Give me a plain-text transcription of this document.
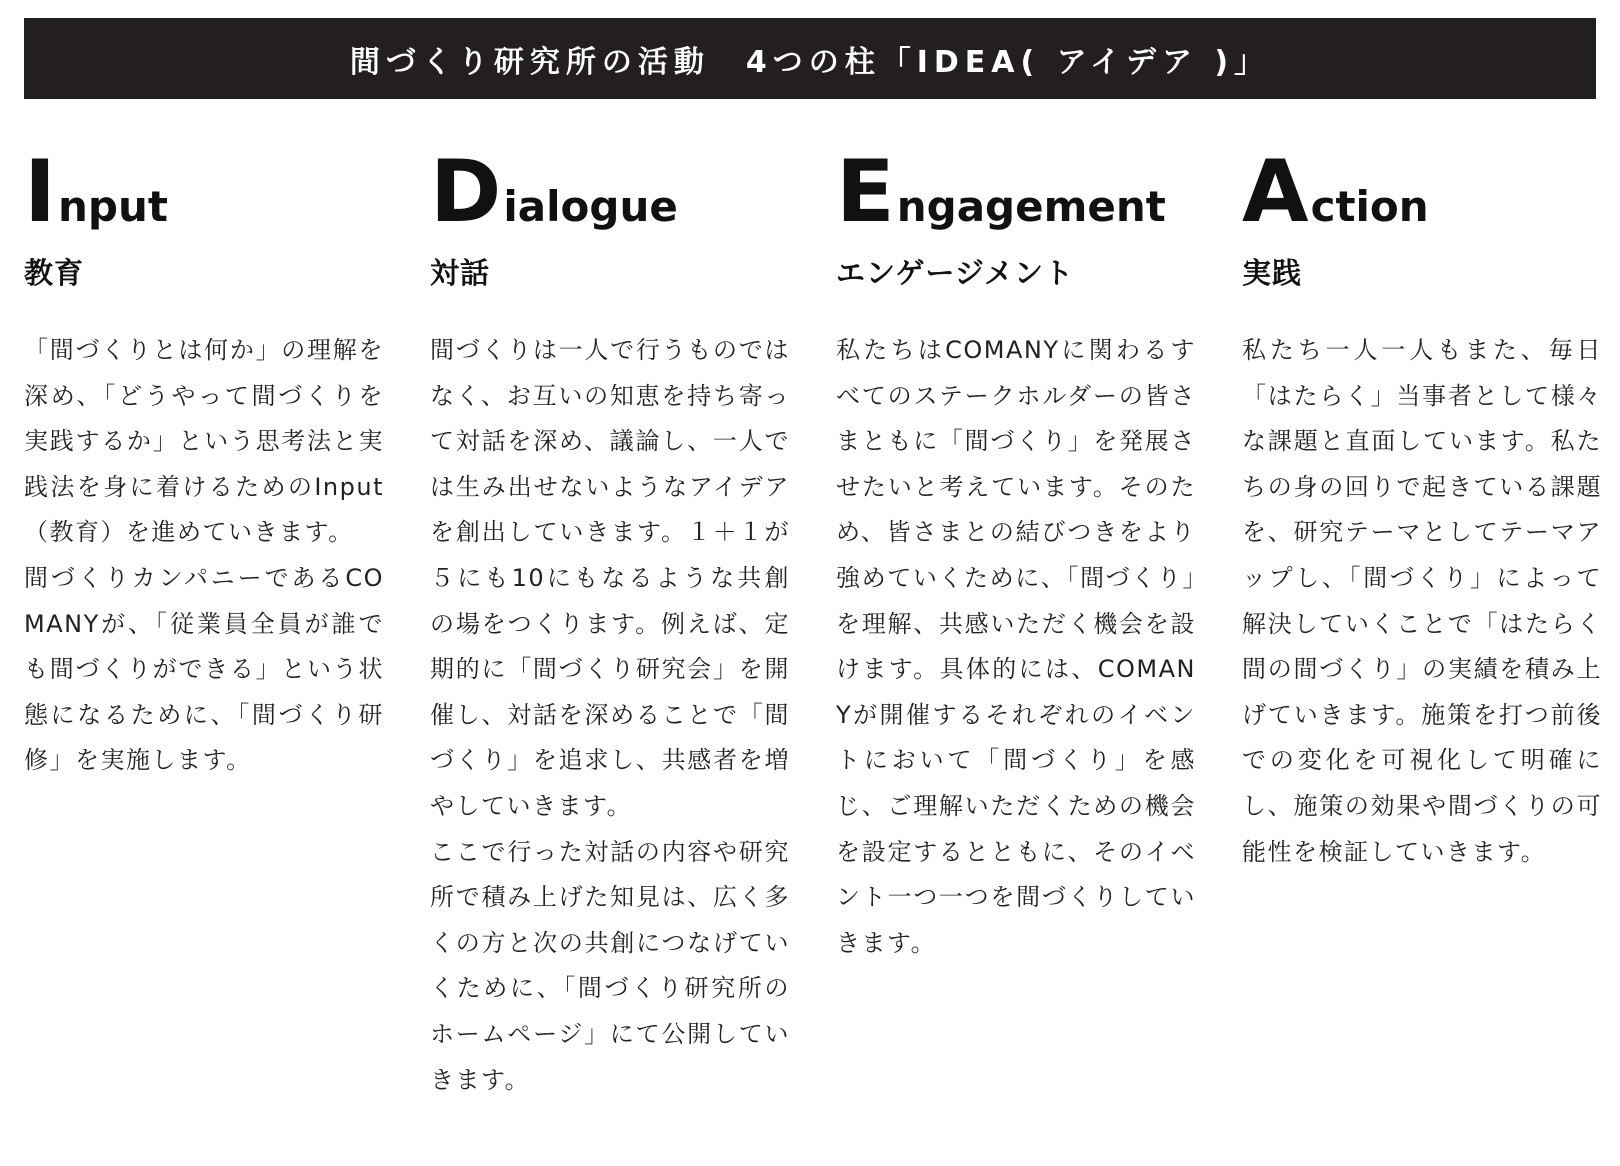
間づくり研究所の活動　4つの柱「IDEA( アイデア )」
I nput
教育

「間づくりとは何か」の理解を深め、「どうやって間づくりを実践するか」という思考法と実践法を身に着けるためのInput（教育）を進めていきます。

間づくりカンパニーであるCOMANYが、「従業員全員が誰でも間づくりができる」という状態になるために、「間づくり研修」を実施します。

D ialogue
対話

間づくりは一人で行うものではなく、お互いの知恵を持ち寄って対話を深め、議論し、一人では生み出せないようなアイデアを創出していきます。１＋１が５にも10にもなるような共創の場をつくります。例えば、定期的に「間づくり研究会」を開催し、対話を深めることで「間づくり」を追求し、共感者を増やしていきます。

ここで行った対話の内容や研究所で積み上げた知見は、広く多くの方と次の共創につなげていくために、「間づくり研究所のホームページ」にて公開していきます。

E ngagement
エンゲージメント

私たちはCOMANYに関わるすべてのステークホルダーの皆さまともに「間づくり」を発展させたいと考えています。そのため、皆さまとの結びつきをより強めていくために、「間づくり」を理解、共感いただく機会を設けます。具体的には、COMANYが開催するそれぞれのイベントにおいて「間づくり」を感じ、ご理解いただくための機会を設定するとともに、そのイベント一つ一つを間づくりしていきます。

A ction
実践

私たち一人一人もまた、毎日「はたらく」当事者として様々な課題と直面しています。私たちの身の回りで起きている課題を、研究テーマとしてテーマアップし、「間づくり」によって解決していくことで「はたらく間の間づくり」の実績を積み上げていきます。施策を打つ前後での変化を可視化して明確にし、施策の効果や間づくりの可能性を検証していきます。
